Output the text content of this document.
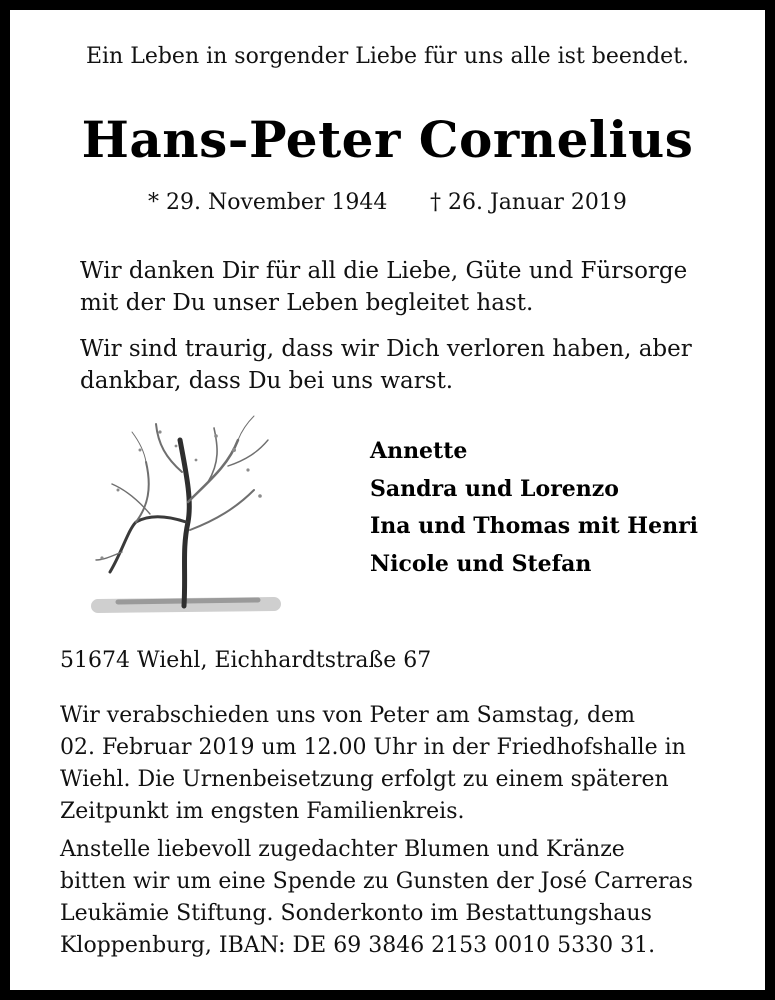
Ein Leben in sorgender Liebe für uns alle ist beendet.
Hans-Peter Cornelius
* 29. November 1944 † 26. Januar 2019
Wir danken Dir für all die Liebe, Güte und Fürsorge
mit der Du unser Leben begleitet hast.
Wir sind traurig, dass wir Dich verloren haben, aber
dankbar, dass Du bei uns warst.
Annette
Sandra und Lorenzo
Ina und Thomas mit Henri
Nicole und Stefan
51674 Wiehl, Eichhardtstraße 67
Wir verabschieden uns von Peter am Samstag, dem
02. Februar 2019 um 12.00 Uhr in der Friedhofshalle in
Wiehl. Die Urnenbeisetzung erfolgt zu einem späteren
Zeitpunkt im engsten Familienkreis.
Anstelle liebevoll zugedachter Blumen und Kränze
bitten wir um eine Spende zu Gunsten der José Carreras
Leukämie Stiftung. Sonderkonto im Bestattungshaus
Kloppenburg, IBAN: DE 69 3846 2153 0010 5330 31.
